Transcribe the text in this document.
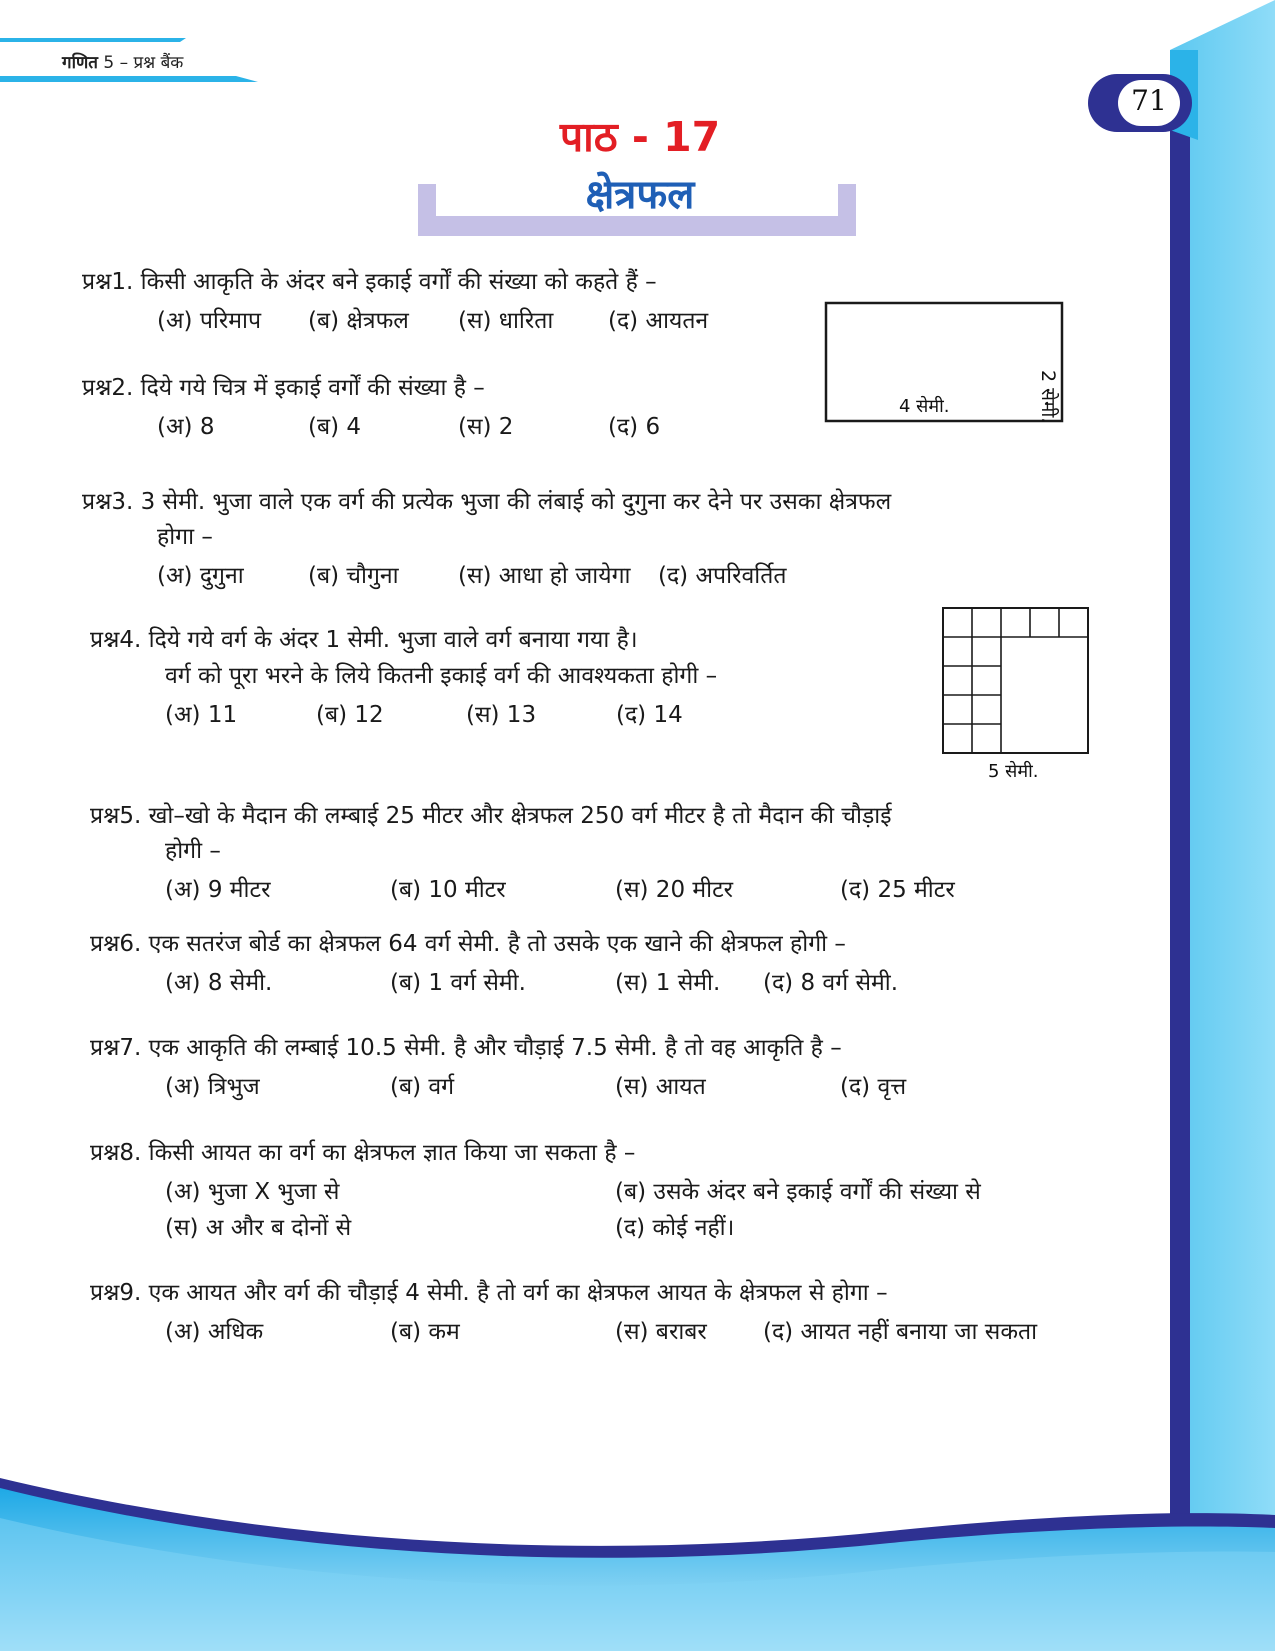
गणित 5 – प्रश्न बैंक
71
पाठ - 17
क्षेत्रफल
4 सेमी.	2 सेमी.
5 सेमी.
प्रश्न1. किसी आकृति के अंदर बने इकाई वर्गों की संख्या को कहते हैं –
(अ) परिमाप (ब) क्षेत्रफल (स) धारिता (द) आयतन
प्रश्न2. दिये गये चित्र में इकाई वर्गों की संख्या है –
(अ) 8	(ब) 4	(स) 2	(द) 6
प्रश्न3. 3 सेमी. भुजा वाले एक वर्ग की प्रत्येक भुजा की लंबाई को दुगुना कर देने पर उसका क्षेत्रफल
होगा –
(अ) दुगुना	(ब) चौगुना	(स) आधा हो जायेगा (द) अपरिवर्तित
प्रश्न4. दिये गये वर्ग के अंदर 1 सेमी. भुजा वाले वर्ग बनाया गया है।
वर्ग को पूरा भरने के लिये कितनी इकाई वर्ग की आवश्यकता होगी –
(अ) 11	(ब) 12	(स) 13	(द) 14
प्रश्न5. खो–खो के मैदान की लम्बाई 25 मीटर और क्षेत्रफल 250 वर्ग मीटर है तो मैदान की चौड़ाई
होगी –
(अ) 9 मीटर	(ब) 10 मीटर	(स) 20 मीटर	(द) 25 मीटर
प्रश्न6. एक सतरंज बोर्ड का क्षेत्रफल 64 वर्ग सेमी. है तो उसके एक खाने की क्षेत्रफल होगी –
(अ) 8 सेमी.	(ब) 1 वर्ग सेमी.	(स) 1 सेमी. (द) 8 वर्ग सेमी.
प्रश्न7. एक आकृति की लम्बाई 10.5 सेमी. है और चौड़ाई 7.5 सेमी. है तो वह आकृति है –
(अ) त्रिभुज	(ब) वर्ग	(स) आयत	(द) वृत्त
प्रश्न8. किसी आयत का वर्ग का क्षेत्रफल ज्ञात किया जा सकता है –
(अ) भुजा X भुजा से	(ब) उसके अंदर बने इकाई वर्गों की संख्या से
(स) अ और ब दोनों से	(द) कोई नहीं।
प्रश्न9. एक आयत और वर्ग की चौड़ाई 4 सेमी. है तो वर्ग का क्षेत्रफल आयत के क्षेत्रफल से होगा –
(अ) अधिक	(ब) कम	(स) बराबर (द) आयत नहीं बनाया जा सकता
